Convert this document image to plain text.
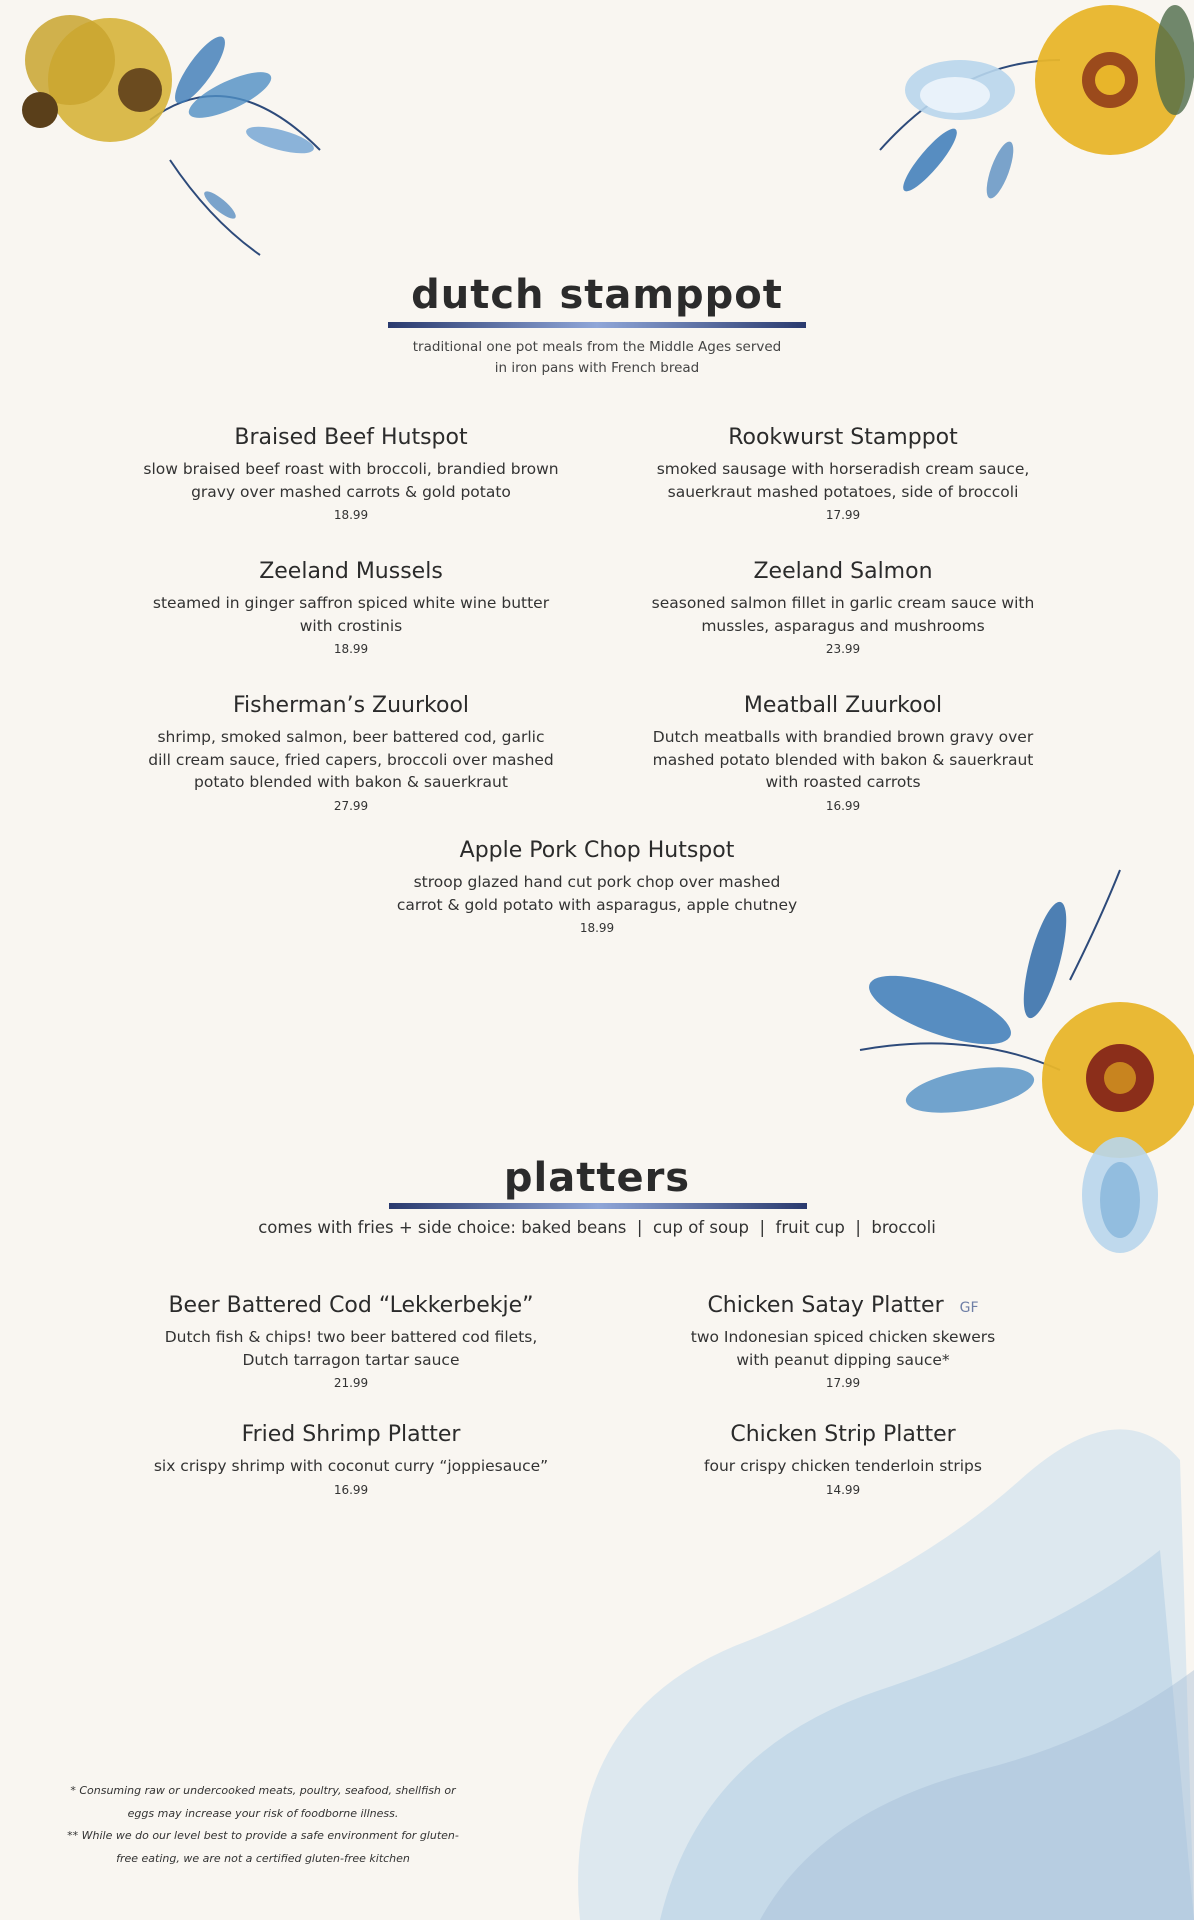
dutch stamppot
traditional one pot meals from the Middle Ages served
in iron pans with French bread
Braised Beef Hutspot
slow braised beef roast with broccoli, brandied brown
gravy over mashed carrots & gold potato
18.99
Rookwurst Stamppot
smoked sausage with horseradish cream sauce,
sauerkraut mashed potatoes, side of broccoli
17.99
Zeeland Mussels
steamed in ginger saffron spiced white wine butter
with crostinis
18.99
Zeeland Salmon
seasoned salmon fillet in garlic cream sauce with
mussles, asparagus and mushrooms
23.99
Fisherman’s Zuurkool
shrimp, smoked salmon, beer battered cod, garlic
dill cream sauce, fried capers, broccoli over mashed
potato blended with bakon & sauerkraut
27.99
Meatball Zuurkool
Dutch meatballs with brandied brown gravy over
mashed potato blended with bakon & sauerkraut
with roasted carrots
16.99
Apple Pork Chop Hutspot
stroop glazed hand cut pork chop over mashed
carrot & gold potato with asparagus, apple chutney
18.99
platters
comes with fries + side choice: baked beans  |  cup of soup  |  fruit cup  |  broccoli
Beer Battered Cod “Lekkerbekje”
Dutch fish & chips! two beer battered cod filets,
Dutch tarragon tartar sauce
21.99
Chicken Satay Platter GF
two Indonesian spiced chicken skewers
with peanut dipping sauce*
17.99
Fried Shrimp Platter
six crispy shrimp with coconut curry “joppiesauce”
16.99
Chicken Strip Platter
four crispy chicken tenderloin strips
14.99
* Consuming raw or undercooked meats, poultry, seafood, shellfish or
eggs may increase your risk of foodborne illness.
** While we do our level best to provide a safe environment for gluten-
free eating, we are not a certified gluten-free kitchen
